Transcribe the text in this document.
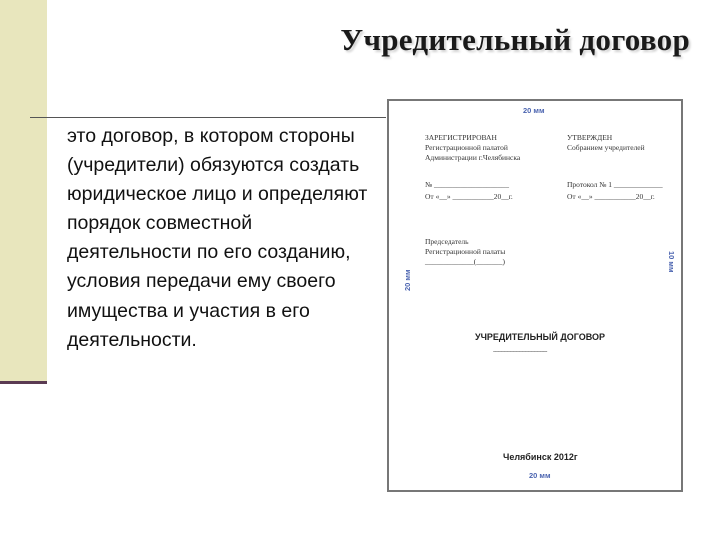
Учредительный договор
это договор, в котором стороны (учредители) обязуются создать юридическое лицо и определяют порядок совместной деятельности по его созданию, условия передачи ему своего имущества и участия в его деятельности.
20 мм
20 мм
10 мм
ЗАРЕГИСТРИРОВАН
Регистрационной палатой
Администрации г.Челябинска
УТВЕРЖДЕН
Собранием учредителей
№ ____________________
От «__» ___________20__г.
Протокол № 1 _____________
От «__» ___________20__г.
Председатель
Регистрационной палаты
_____________(_______)
УЧРЕДИТЕЛЬНЫЙ ДОГОВОР
------------------------------------
Челябинск 2012г
20 мм
